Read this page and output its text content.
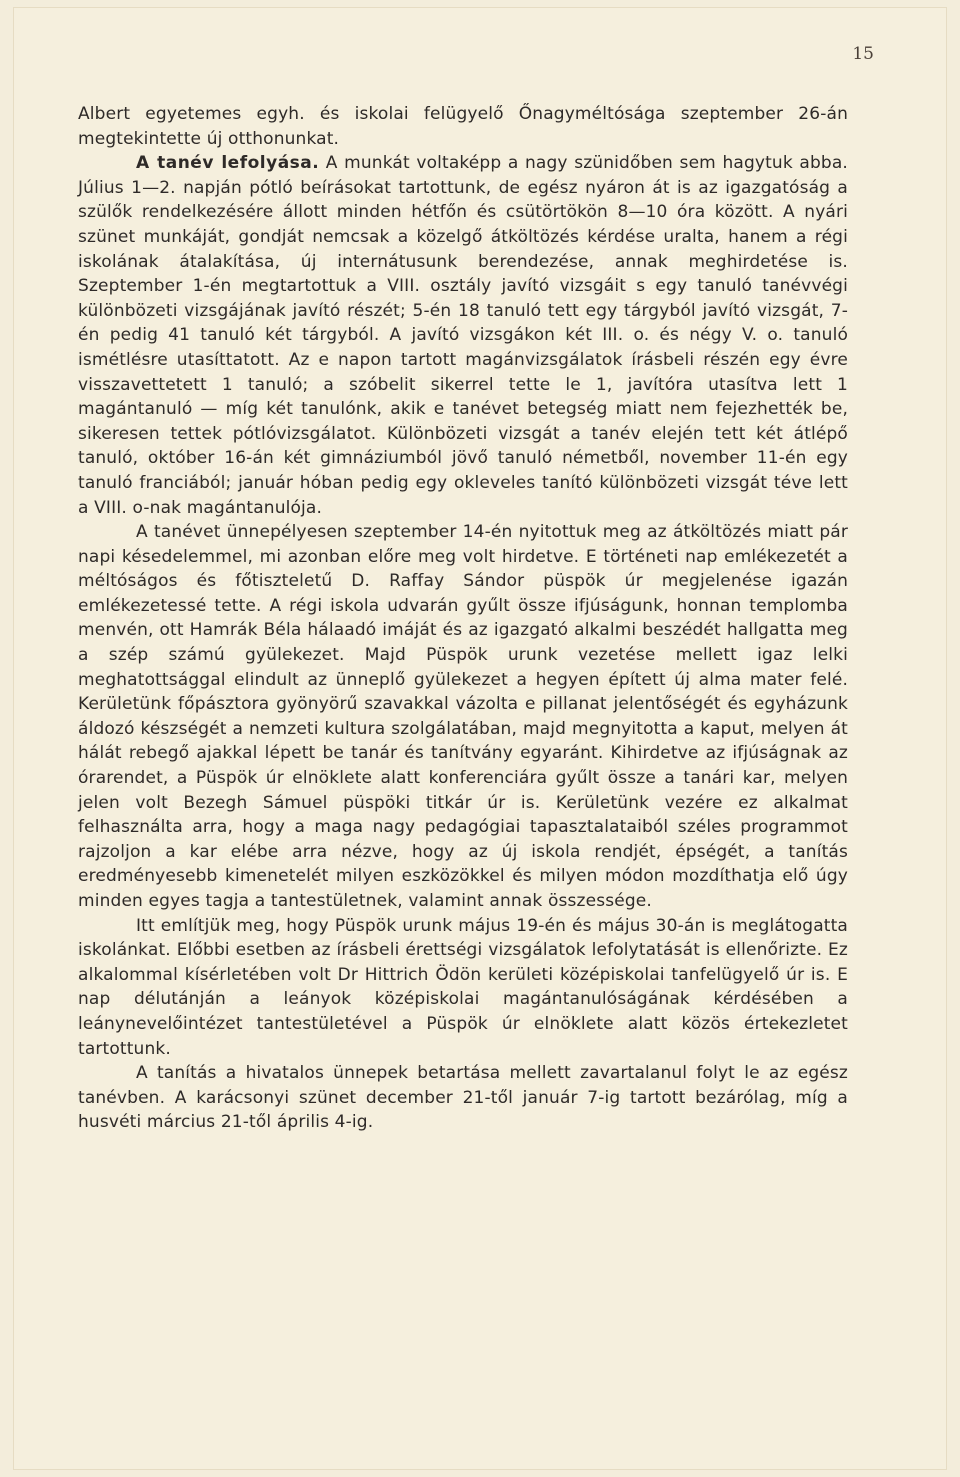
15

Albert egyetemes egyh. és iskolai felügyelő Őnagyméltósága szeptember 26-án megtekintette új otthonunkat.

A tanév lefolyása. A munkát voltaképp a nagy szünidőben sem hagytuk abba. Július 1—2. napján pótló beírásokat tartottunk, de egész nyáron át is az igazgatóság a szülők rendelkezésére állott minden hétfőn és csütörtökön 8—10 óra között. A nyári szünet munkáját, gondját nemcsak a közelgő átköltözés kérdése uralta, hanem a régi iskolának átalakítása, új internátusunk berendezése, annak meghirdetése is. Szeptember 1-én megtartottuk a VIII. osztály javító vizsgáit s egy tanuló tanévvégi különbözeti vizsgájának javító részét; 5-én 18 tanuló tett egy tárgyból javító vizsgát, 7-én pedig 41 tanuló két tárgyból. A javító vizsgákon két III. o. és négy V. o. tanuló ismétlésre utasíttatott. Az e napon tartott magánvizsgálatok írásbeli részén egy évre visszavettetett 1 tanuló; a szóbelit sikerrel tette le 1, javítóra utasítva lett 1 magántanuló — míg két tanulónk, akik e tanévet betegség miatt nem fejezhették be, sikeresen tettek pótlóvizsgálatot. Különbözeti vizsgát a tanév elején tett két átlépő tanuló, október 16-án két gimnáziumból jövő tanuló németből, november 11-én egy tanuló franciából; január hóban pedig egy okleveles tanító különbözeti vizsgát téve lett a VIII. o-nak magántanulója.

A tanévet ünnepélyesen szeptember 14-én nyitottuk meg az átköltözés miatt pár napi késedelemmel, mi azonban előre meg volt hirdetve. E történeti nap emlékezetét a méltóságos és főtiszteletű D. Raffay Sándor püspök úr megjelenése igazán emlékezetessé tette. A régi iskola udvarán gyűlt össze ifjúságunk, honnan templomba menvén, ott Hamrák Béla hálaadó imáját és az igazgató alkalmi beszédét hallgatta meg a szép számú gyülekezet. Majd Püspök urunk vezetése mellett igaz lelki meghatottsággal elindult az ünneplő gyülekezet a hegyen épített új alma mater felé. Kerületünk főpásztora gyönyörű szavakkal vázolta e pillanat jelentőségét és egyházunk áldozó készségét a nemzeti kultura szolgálatában, majd megnyitotta a kaput, melyen át hálát rebegő ajakkal lépett be tanár és tanítvány egyaránt. Kihirdetve az ifjúságnak az órarendet, a Püspök úr elnöklete alatt konferenciára gyűlt össze a tanári kar, melyen jelen volt Bezegh Sámuel püspöki titkár úr is. Kerületünk vezére ez alkalmat felhasználta arra, hogy a maga nagy pedagógiai tapasztalataiból széles programmot rajzoljon a kar elébe arra nézve, hogy az új iskola rendjét, épségét, a tanítás eredményesebb kimenetelét milyen eszközökkel és milyen módon mozdíthatja elő úgy minden egyes tagja a tantestületnek, valamint annak összessége.

Itt említjük meg, hogy Püspök urunk május 19-én és május 30-án is meglátogatta iskolánkat. Előbbi esetben az írásbeli érettségi vizsgálatok lefolytatását is ellenőrizte. Ez alkalommal kísérletében volt Dr Hittrich Ödön kerületi középiskolai tanfelügyelő úr is. E nap délutánján a leányok középiskolai magántanulóságának kérdésében a leánynevelőintézet tantestületével a Püspök úr elnöklete alatt közös értekezletet tartottunk.

A tanítás a hivatalos ünnepek betartása mellett zavartalanul folyt le az egész tanévben. A karácsonyi szünet december 21-től január 7-ig tartott bezárólag, míg a husvéti március 21-től április 4-ig.
